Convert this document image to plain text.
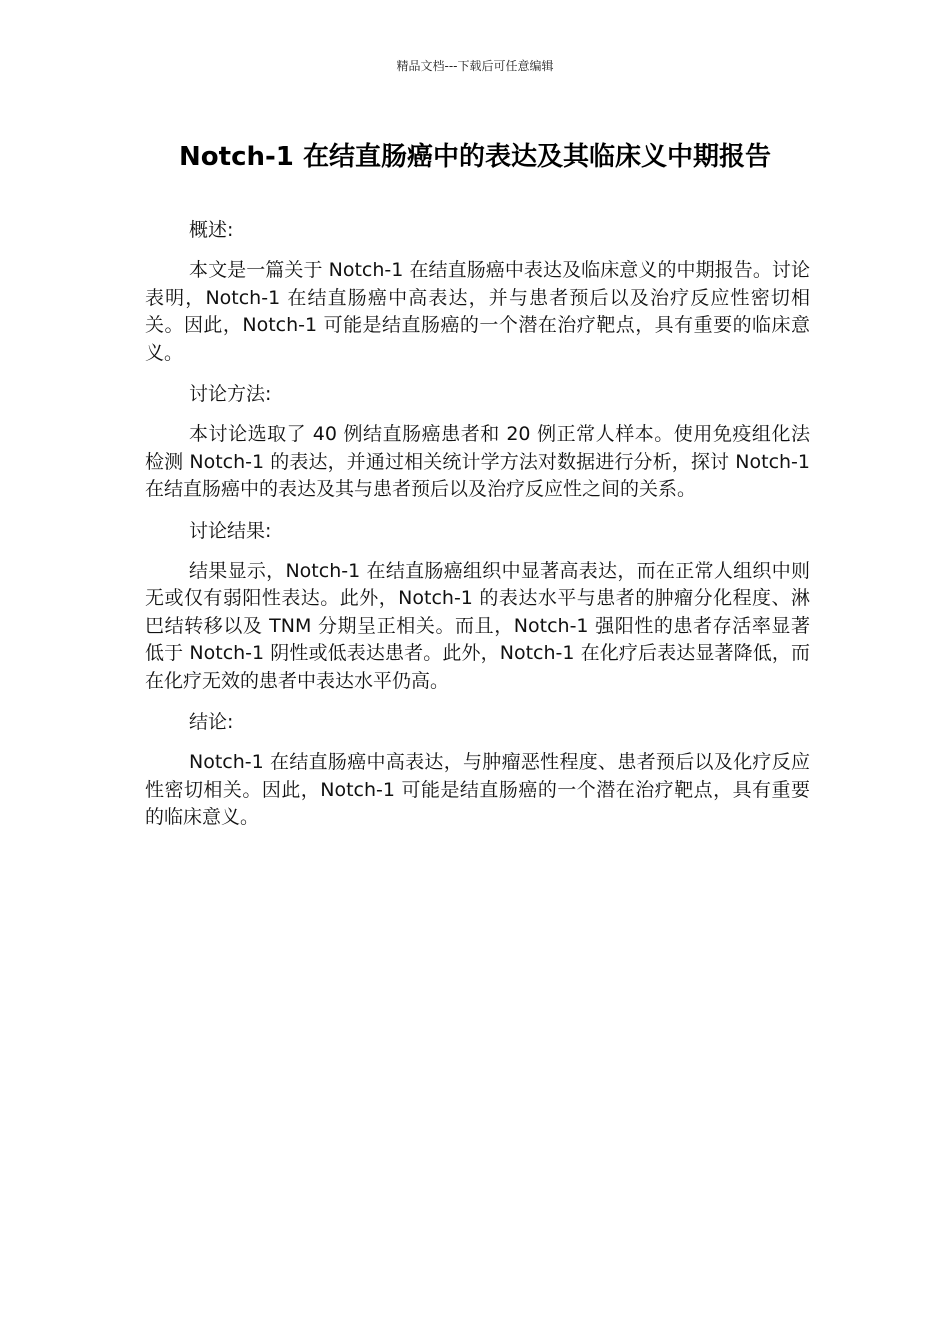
精品文档---下载后可任意编辑
Notch-1 在结直肠癌中的表达及其临床义中期报告

概述:

本文是一篇关于 Notch-1 在结直肠癌中表达及临床意义的中期报告。讨论表明，Notch-1 在结直肠癌中高表达，并与患者预后以及治疗反应性密切相关。因此，Notch-1 可能是结直肠癌的一个潜在治疗靶点，具有重要的临床意义。

讨论方法:

本讨论选取了 40 例结直肠癌患者和 20 例正常人样本。使用免疫组化法检测 Notch-1 的表达，并通过相关统计学方法对数据进行分析，探讨 Notch-1 在结直肠癌中的表达及其与患者预后以及治疗反应性之间的关系。

讨论结果:

结果显示，Notch-1 在结直肠癌组织中显著高表达，而在正常人组织中则无或仅有弱阳性表达。此外，Notch-1 的表达水平与患者的肿瘤分化程度、淋巴结转移以及 TNM 分期呈正相关。而且，Notch-1 强阳性的患者存活率显著低于 Notch-1 阴性或低表达患者。此外，Notch-1 在化疗后表达显著降低，而在化疗无效的患者中表达水平仍高。

结论:

Notch-1 在结直肠癌中高表达，与肿瘤恶性程度、患者预后以及化疗反应性密切相关。因此，Notch-1 可能是结直肠癌的一个潜在治疗靶点，具有重要的临床意义。
